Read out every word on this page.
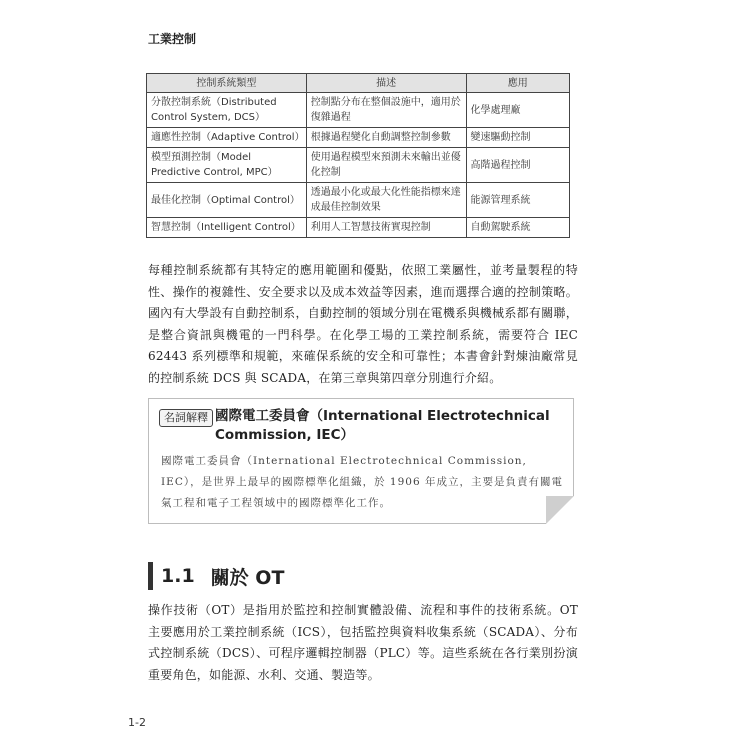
工業控制
控制系統類型	描述	應用
分散控制系統（Distributed Control System, DCS）	控制點分布在整個設施中，適用於復雜過程	化學處理廠
適應性控制（Adaptive Control）	根據過程變化自動調整控制參數	變速驅動控制
模型預測控制（Model Predictive Control, MPC）	使用過程模型來預測未來輸出並優化控制	高階過程控制
最佳化控制（Optimal Control）	透過最小化或最大化性能指標來達成最佳控制效果	能源管理系統
智慧控制（Intelligent Control）	利用人工智慧技術實現控制	自動駕駛系統

每種控制系統都有其特定的應用範圍和優點，依照工業屬性，並考量製程的特性、操作的複雜性、安全要求以及成本效益等因素，進而選擇合適的控制策略。國內有大學設有自動控制系，自動控制的領域分別在電機系與機械系都有關聯，是整合資訊與機電的一門科學。在化學工場的工業控制系統，需要符合 IEC 62443 系列標準和規範，來確保系統的安全和可靠性；本書會針對煉油廠常見的控制系統 DCS 與 SCADA，在第三章與第四章分別進行介紹。

名詞解釋 國際電工委員會（International Electrotechnical Commission, IEC）
國際電工委員會（International Electrotechnical Commission, IEC），是世界上最早的國際標準化組織，於 1906 年成立，主要是負責有關電氣工程和電子工程領域中的國際標準化工作。
1.1 關於 OT

操作技術（OT）是指用於監控和控制實體設備、流程和事件的技術系統。OT 主要應用於工業控制系統（ICS），包括監控與資料收集系統（SCADA）、分布式控制系統（DCS）、可程序邏輯控制器（PLC）等。這些系統在各行業別扮演重要角色，如能源、水利、交通、製造等。

1-2
